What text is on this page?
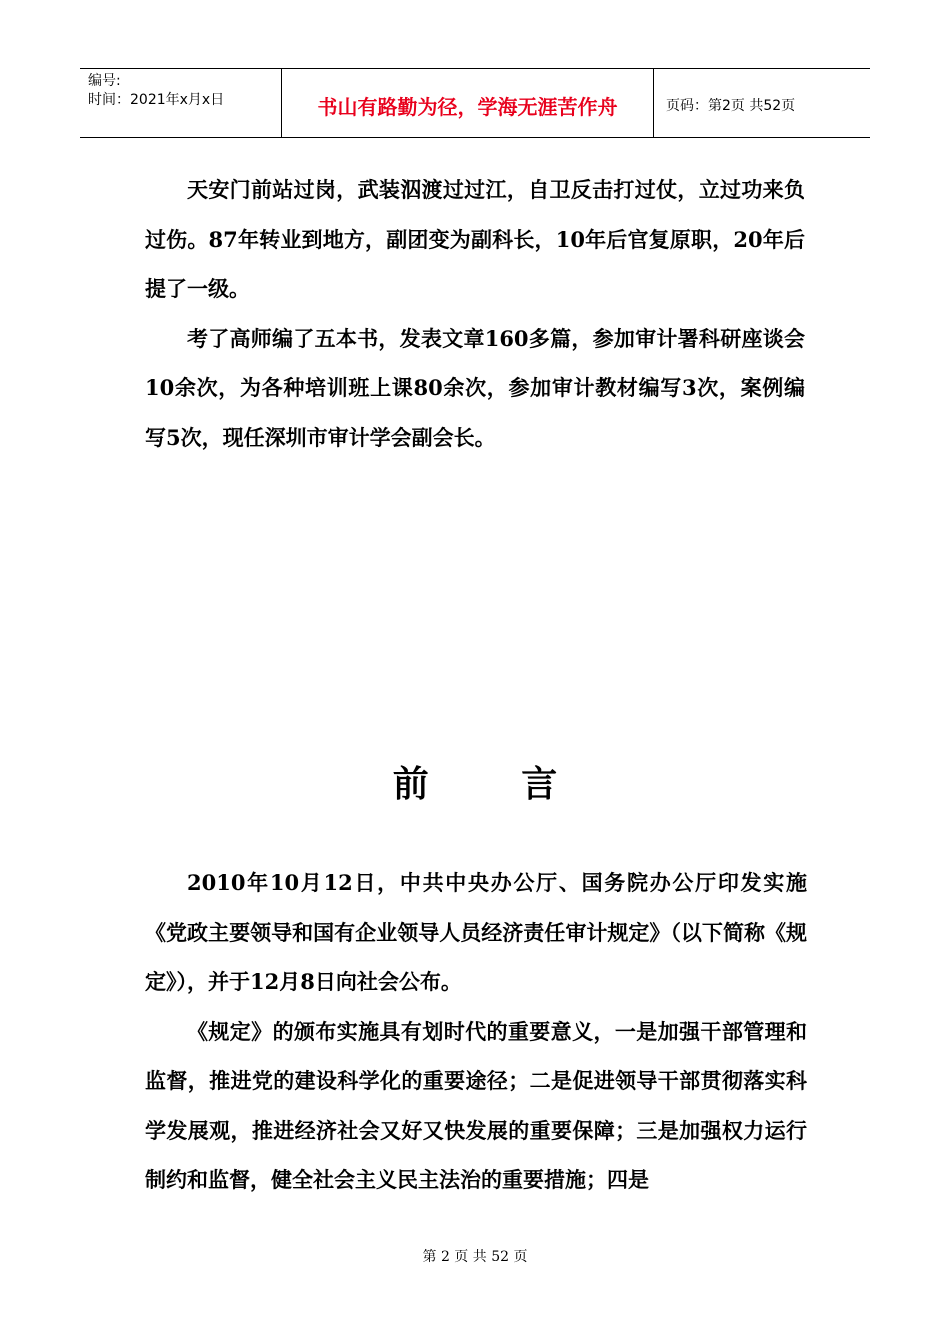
编号:
时间：2021年x月x日	书山有路勤为径，学海无涯苦作舟	页码：第2页 共52页

天安门前站过岗，武装泅渡过过江，自卫反击打过仗，立过功来负过伤。87年转业到地方，副团变为副科长，10年后官复原职，20年后提了一级。

考了高师编了五本书，发表文章160多篇，参加审计署科研座谈会10余次，为各种培训班上课80余次，参加审计教材编写3次，案例编写5次，现任深圳市审计学会副会长。

前 言

2010年10月12日，中共中央办公厅、国务院办公厅印发实施《党政主要领导和国有企业领导人员经济责任审计规定》（以下简称《规定》），并于12月8日向社会公布。

《规定》的颁布实施具有划时代的重要意义，一是加强干部管理和监督，推进党的建设科学化的重要途径；二是促进领导干部贯彻落实科学发展观，推进经济社会又好又快发展的重要保障；三是加强权力运行制约和监督，健全社会主义民主法治的重要措施；四是

第 2 页 共 52 页
